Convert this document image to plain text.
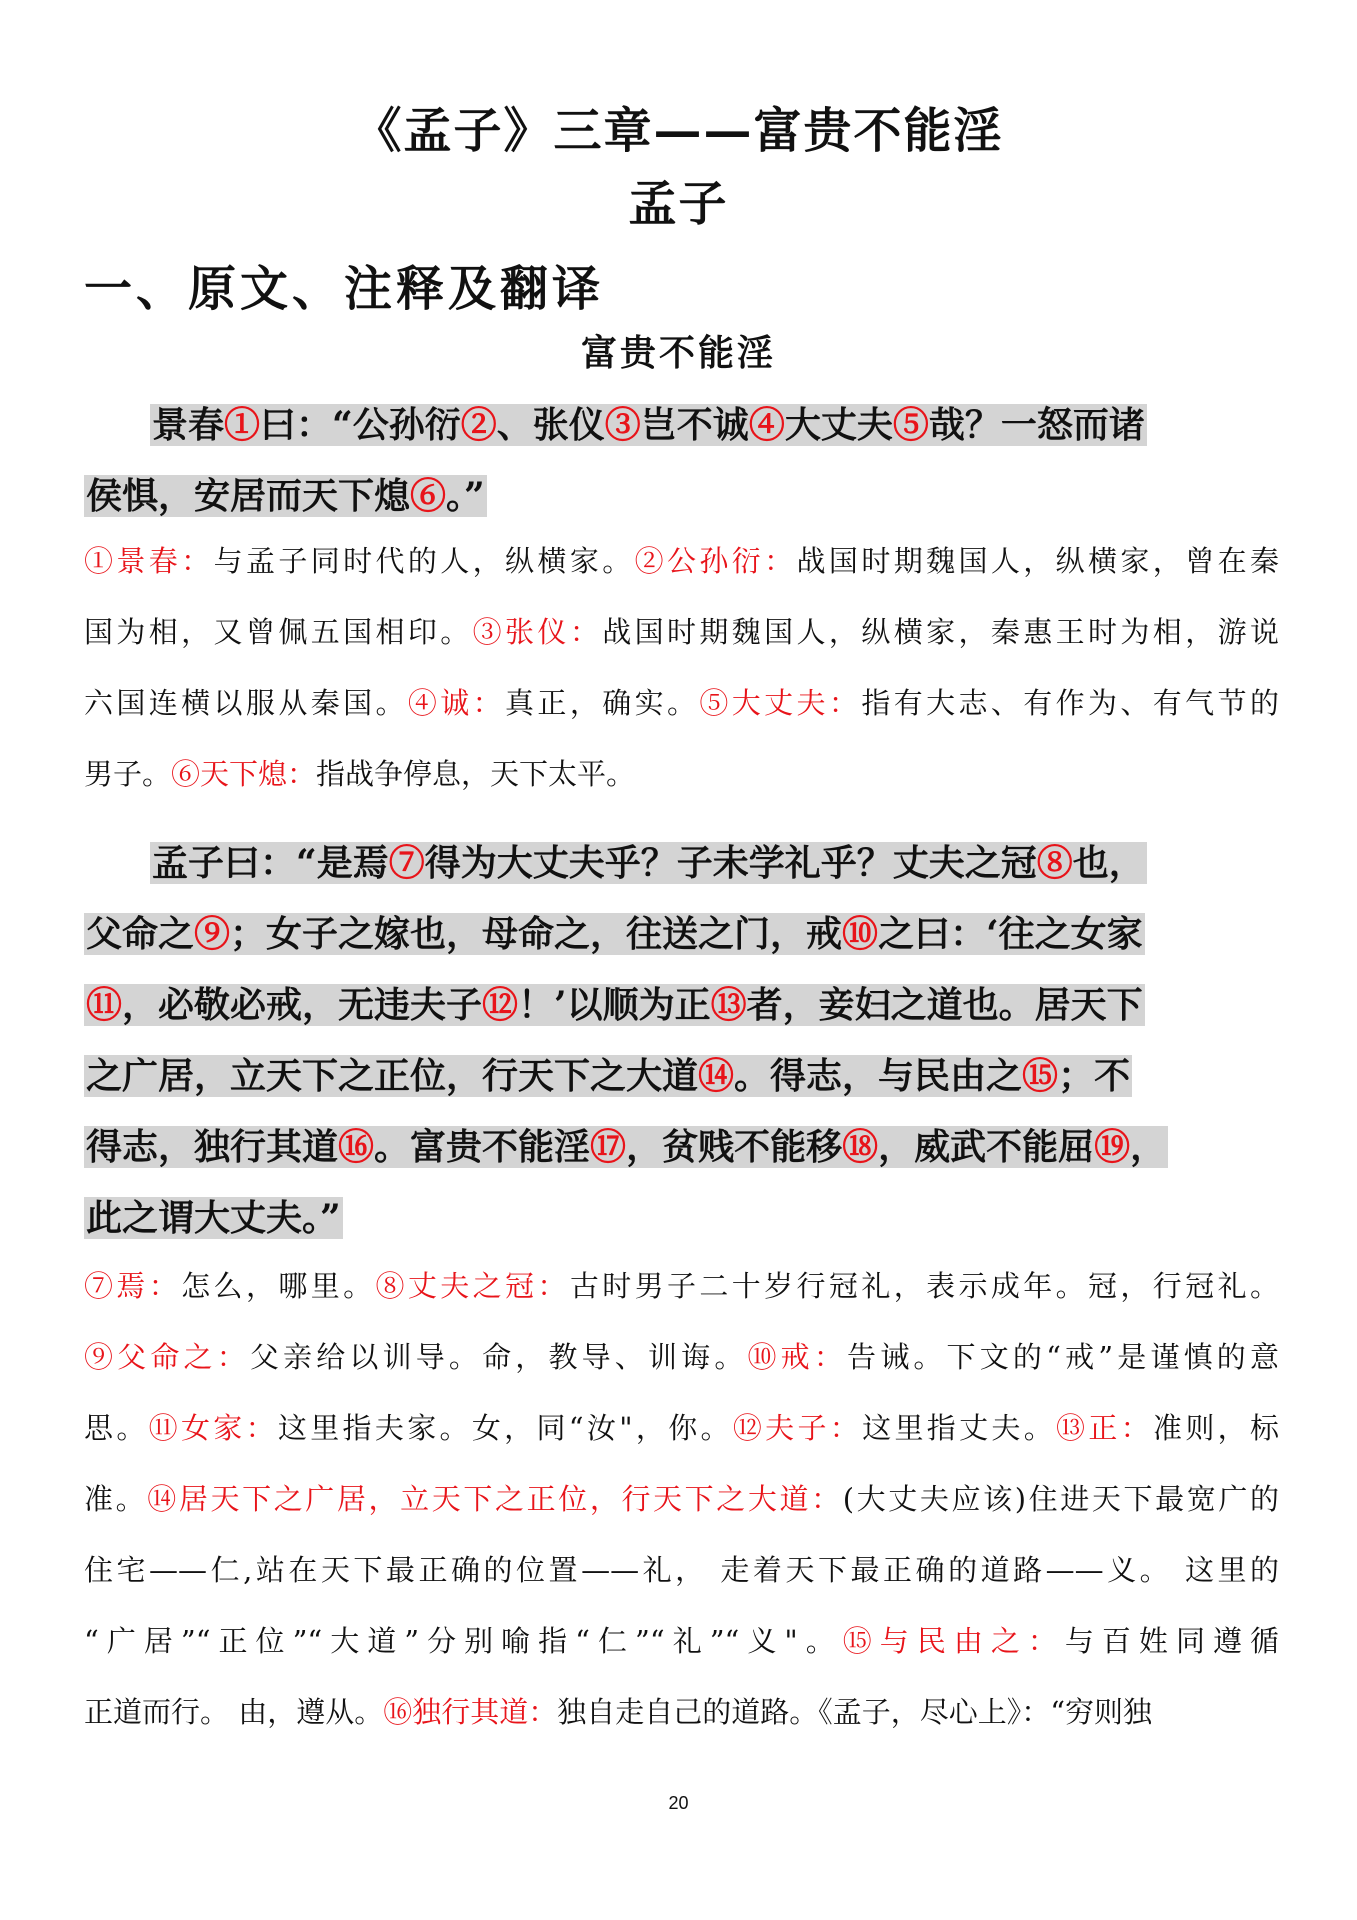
《孟子》三章——富贵不能淫
孟子
一、原文、注释及翻译
富贵不能淫
景春①曰：“公孙衍②、张仪③岂不诚④大丈夫⑤哉？一怒而诸
侯惧，安居而天下熄⑥。”
①景春：与孟子同时代的人，纵横家。②公孙衍：战国时期魏国人，纵横家，曾在秦
国为相，又曾佩五国相印。③张仪：战国时期魏国人，纵横家，秦惠王时为相，游说
六国连横以服从秦国。④诚：真正，确实。⑤大丈夫：指有大志、有作为、有气节的
男子。⑥天下熄：指战争停息，天下太平。
孟子曰：“是焉⑦得为大丈夫乎？子未学礼乎？丈夫之冠⑧也，
父命之⑨；女子之嫁也，母命之，往送之门，戒⑩之曰：‘往之女家
⑪，必敬必戒，无违夫子⑫！’以顺为正⑬者，妾妇之道也。居天下
之广居，立天下之正位，行天下之大道⑭。得志，与民由之⑮；不
得志，独行其道⑯。富贵不能淫⑰，贫贱不能移⑱，威武不能屈⑲，
此之谓大丈夫。”
⑦焉：怎么，哪里。⑧丈夫之冠：古时男子二十岁行冠礼，表示成年。冠，行冠礼。
⑨父命之：父亲给以训导。命，教导、训诲。⑩戒：告诫。下文的“戒”是谨慎的意
思。⑪女家：这里指夫家。女，同“汝"，你。⑫夫子：这里指丈夫。⑬正：准则，标
准。⑭居天下之广居，立天下之正位，行天下之大道：(大丈夫应该)住进天下最宽广的
住宅——仁,站在天下最正确的位置——礼， 走着天下最正确的道路——义。 这里的
“广居”“正位”“大道”分别喻指“仁”“礼”“义"。⑮与民由之：与百姓同遵循
正道而行。 由，遵从。⑯独行其道：独自走自己的道路。《孟子，尽心上》：“穷则独
20
